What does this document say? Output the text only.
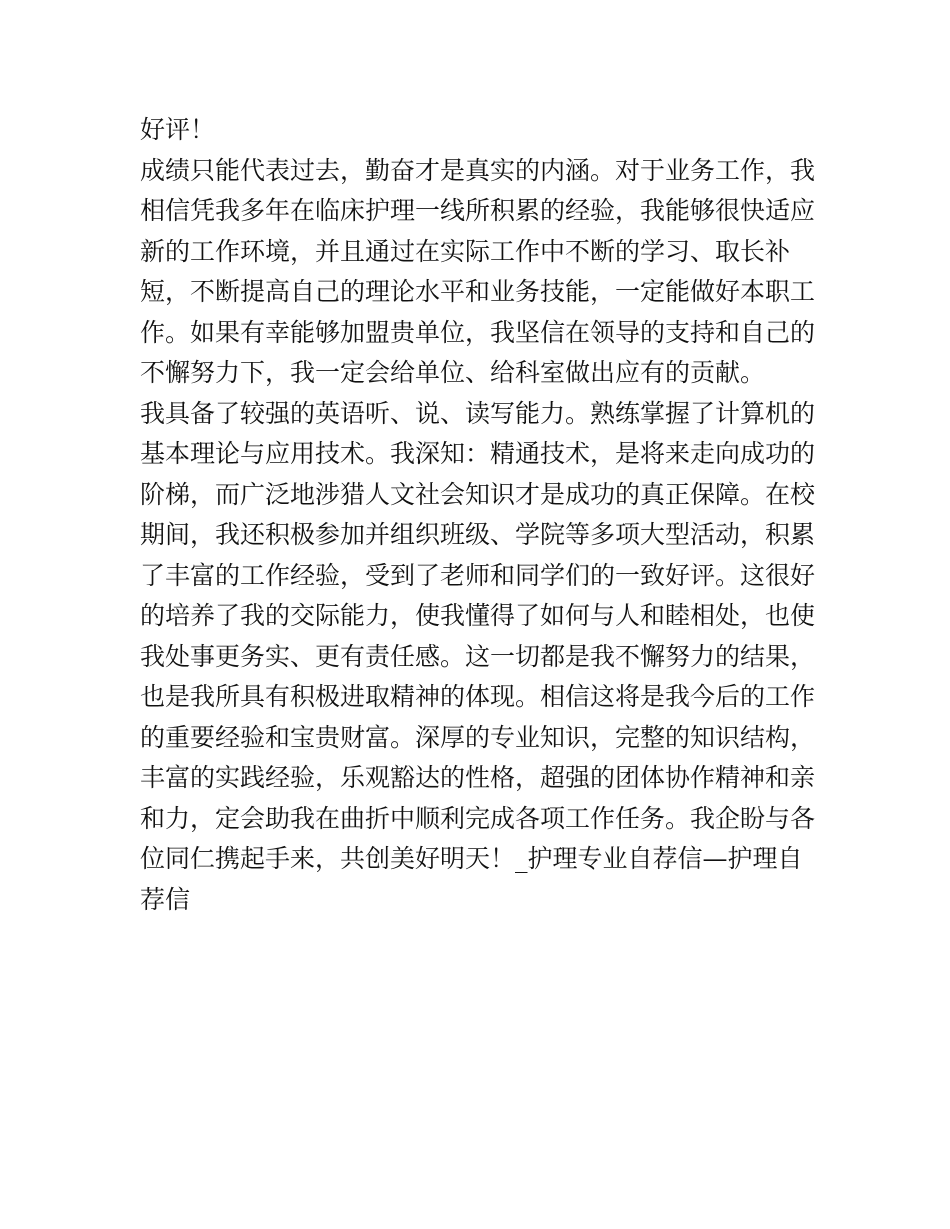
好评！
成绩只能代表过去，勤奋才是真实的内涵。对于业务工作，我
相信凭我多年在临床护理一线所积累的经验，我能够很快适应
新的工作环境，并且通过在实际工作中不断的学习、取长补
短，不断提高自己的理论水平和业务技能，一定能做好本职工
作。如果有幸能够加盟贵单位，我坚信在领导的支持和自己的
不懈努力下，我一定会给单位、给科室做出应有的贡献。
我具备了较强的英语听、说、读写能力。熟练掌握了计算机的
基本理论与应用技术。我深知：精通技术，是将来走向成功的
阶梯，而广泛地涉猎人文社会知识才是成功的真正保障。在校
期间，我还积极参加并组织班级、学院等多项大型活动，积累
了丰富的工作经验，受到了老师和同学们的一致好评。这很好
的培养了我的交际能力，使我懂得了如何与人和睦相处，也使
我处事更务实、更有责任感。这一切都是我不懈努力的结果，
也是我所具有积极进取精神的体现。相信这将是我今后的工作
的重要经验和宝贵财富。深厚的专业知识，完整的知识结构，
丰富的实践经验，乐观豁达的性格，超强的团体协作精神和亲
和力，定会助我在曲折中顺利完成各项工作任务。我企盼与各
位同仁携起手来，共创美好明天！_护理专业自荐信—护理自
荐信
